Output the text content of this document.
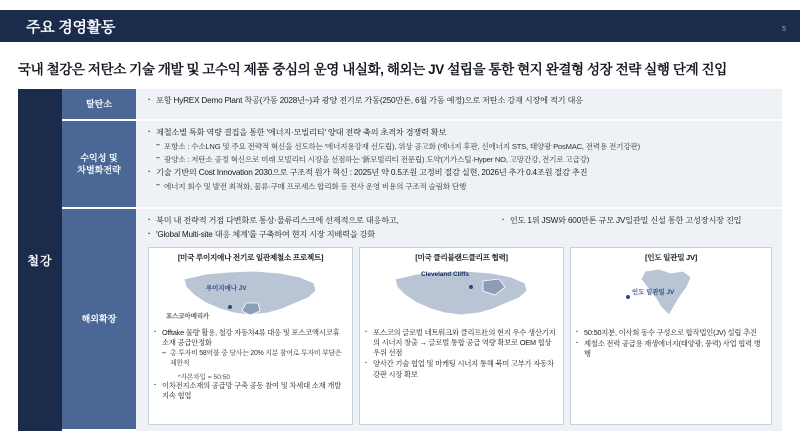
주요 경영활동	5
국내 철강은 저탄소 기술 개발 및 고수익 제품 중심의 운영 내실화, 해외는 JV 설립을 통한 현지 완결형 성장 전략 실행 단계 진입
철강
탈탄소
수익성 및
차별화전략
해외확장
· 포항 HyREX Demo Plant 착공(가동 2028년~)과 광양 전기로 가동(250만톤, 6월 가동 예정)으로 저탄소 강재 시장에 적기 대응
· 제철소별 특화 역량 결집을 통한 '에너지·모빌리티' 양대 전략 축의 초격차 경쟁력 확보
– 포항소 : 수소LNG 및 주요 전략적 혁신을 선도하는 '에너지용강재 선도립), 위상 공고화 (에너지 후판, 신에너지 STS, 태양광 PosMAC, 전력용 전기강판)
– 광양소 : 저탄소 공정 혁신으로 미래 모빌리티 시장을 선점하는 '新모빌리티 전문립) 도약(기가스틸·Hyper NO, 고망간강, 전기로 고급강)
· 기술 기반의 Cost Innovation 2030으로 구조적 원가 혁신 : 2025년 약 0.5조원 고정비 절감 실현, 2026년 추가 0.4조원 절감 추진
– 에너지 회수 및 발전 최적화, 물류·구매 프로세스 합리화 등 전사 운영 비용의 구조적 슬림화 단행
· 북미 내 전략적 거점 다변화로 통상·물류리스크에 선제적으로 대응하고,
· 'Global Multi-site 대응 체계'를 구축하여 현지 시장 지배력을 강화
· 인도 1위 JSW와 600만톤 규모 JV일관밀 신설 통한 고성장시장 진입
[미국 루이지애나 전기로 일관제철소 프로젝트]
루이지애나 JV
포스코아메리카
· Offtake 물량 활용, 철강 자동차4류 대응 및 포스코액시코휴 소재 공급안정화
– 총 투자비 58억불 중 당사는 20% 지분 참여로 투자비 부담은 제한적
*자본차입 = 50:50
· 이차전지소재의 공급망 구축 공동 참여 및 차세대 소재 개발 지속 협업
[미국 클리블랜드클리프 협력]
Cleveland Cliffs
· 포스코의 글로벌 네트워크와 클리프社의 현지 우수 생산기지의 시너지 창출 → 글로벌 통합 공급 역량 확보로 OEM 협상 우위 선점
· 양사간 기술 협업 및 마케팅 시너지 통해 북미 고부가 자동차강판 시장 확보
[인도 일관밀 JV]
인도 일관밀 JV
· 50:50지분, 이사회 동수 구성으로 합작법인(JV) 설립 추진
· 제철소 전력 공급용 재생에너지(태양광, 풍력) 사업 협력 병행
